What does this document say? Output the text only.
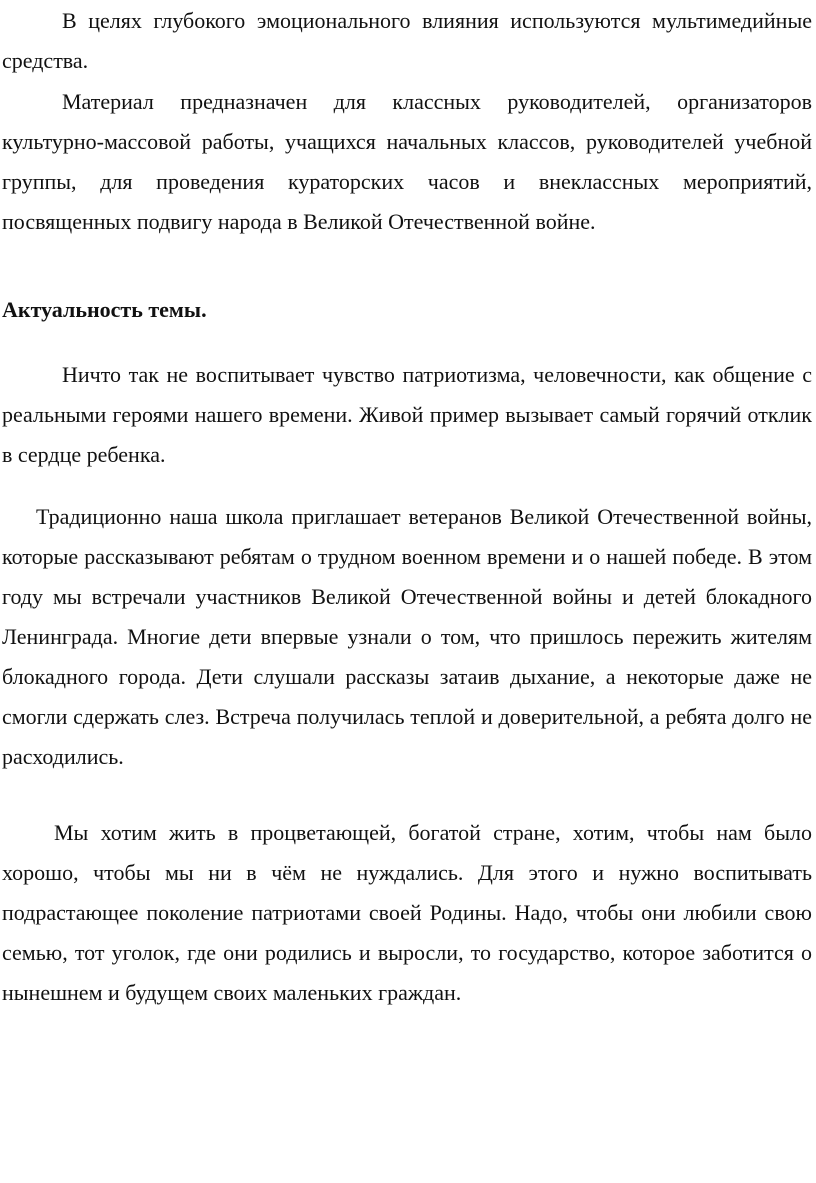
В целях глубокого эмоционального влияния используются мультимедийные средства.

Материал предназначен для классных руководителей, организаторов культурно-массовой работы, учащихся начальных классов, руководителей учебной группы, для проведения кураторских часов и внеклассных мероприятий, посвященных подвигу народа в Великой Отечественной войне.

Актуальность темы.

Ничто так не воспитывает чувство патриотизма, человечности, как общение с реальными героями нашего времени. Живой пример вызывает самый горячий отклик в сердце ребенка.

Традиционно наша школа приглашает ветеранов Великой Отечественной войны, которые рассказывают ребятам о трудном военном времени и о нашей победе. В этом году мы встречали участников Великой Отечественной войны и детей блокадного Ленинграда. Многие дети впервые узнали о том, что пришлось пережить жителям блокадного города. Дети слушали рассказы затаив дыхание, а некоторые даже не смогли сдержать слез. Встреча получилась теплой и доверительной, а ребята долго не расходились.

Мы хотим жить в процветающей, богатой стране, хотим, чтобы нам было хорошо, чтобы мы ни в чём не нуждались. Для этого и нужно воспитывать подрастающее поколение патриотами своей Родины. Надо, чтобы они любили свою семью, тот уголок, где они родились и выросли, то государство, которое заботится о нынешнем и будущем своих маленьких граждан.
